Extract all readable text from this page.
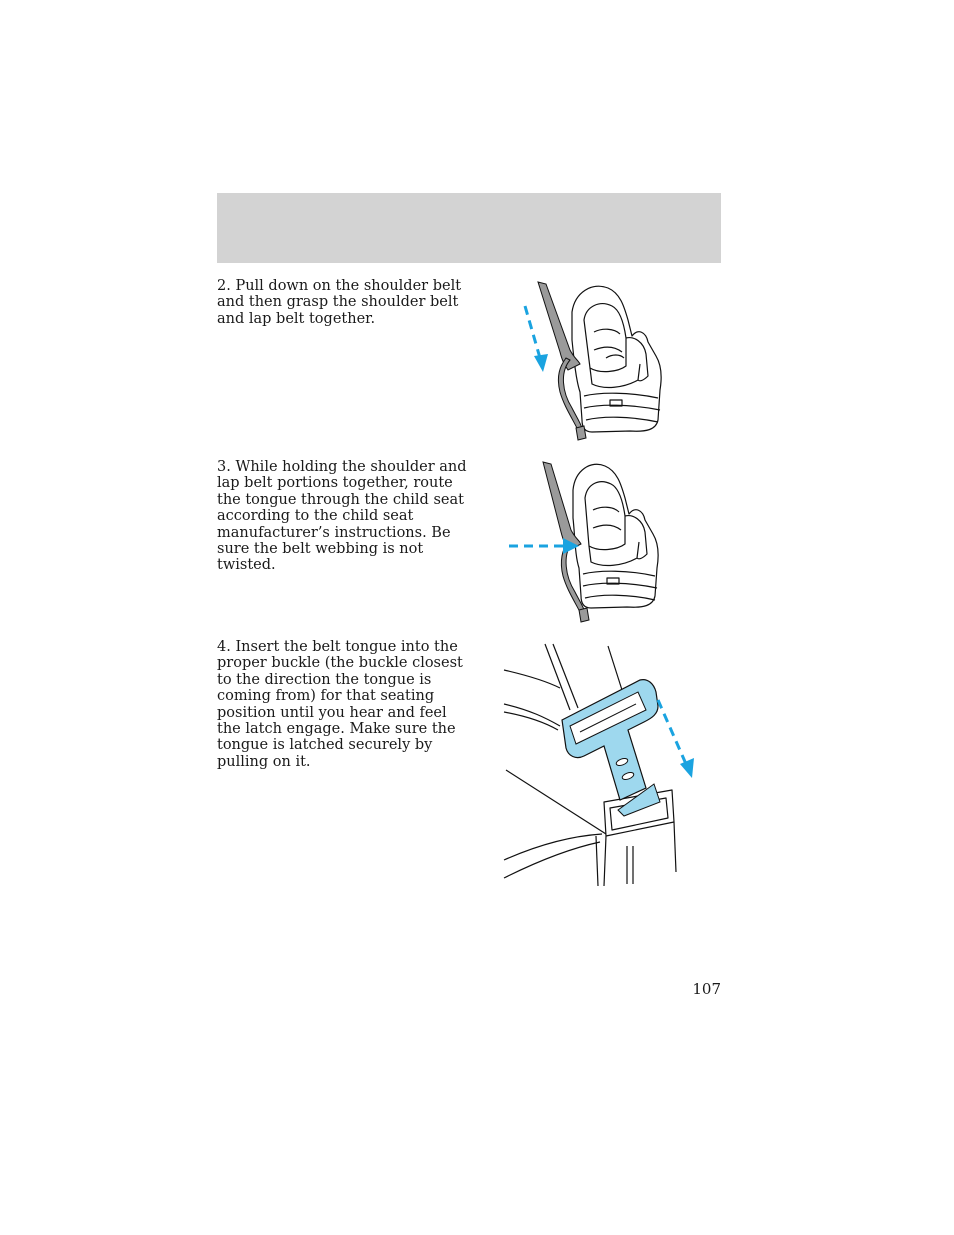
2. Pull down on the shoulder belt and then grasp the shoulder belt and lap belt together.
3. While holding the shoulder and lap belt portions together, route the tongue through the child seat according to the child seat manufacturer’s instructions. Be sure the belt webbing is not twisted.
4. Insert the belt tongue into the proper buckle (the buckle closest to the direction the tongue is coming from) for that seating position until you hear and feel the latch engage. Make sure the tongue is latched securely by pulling on it.
107
